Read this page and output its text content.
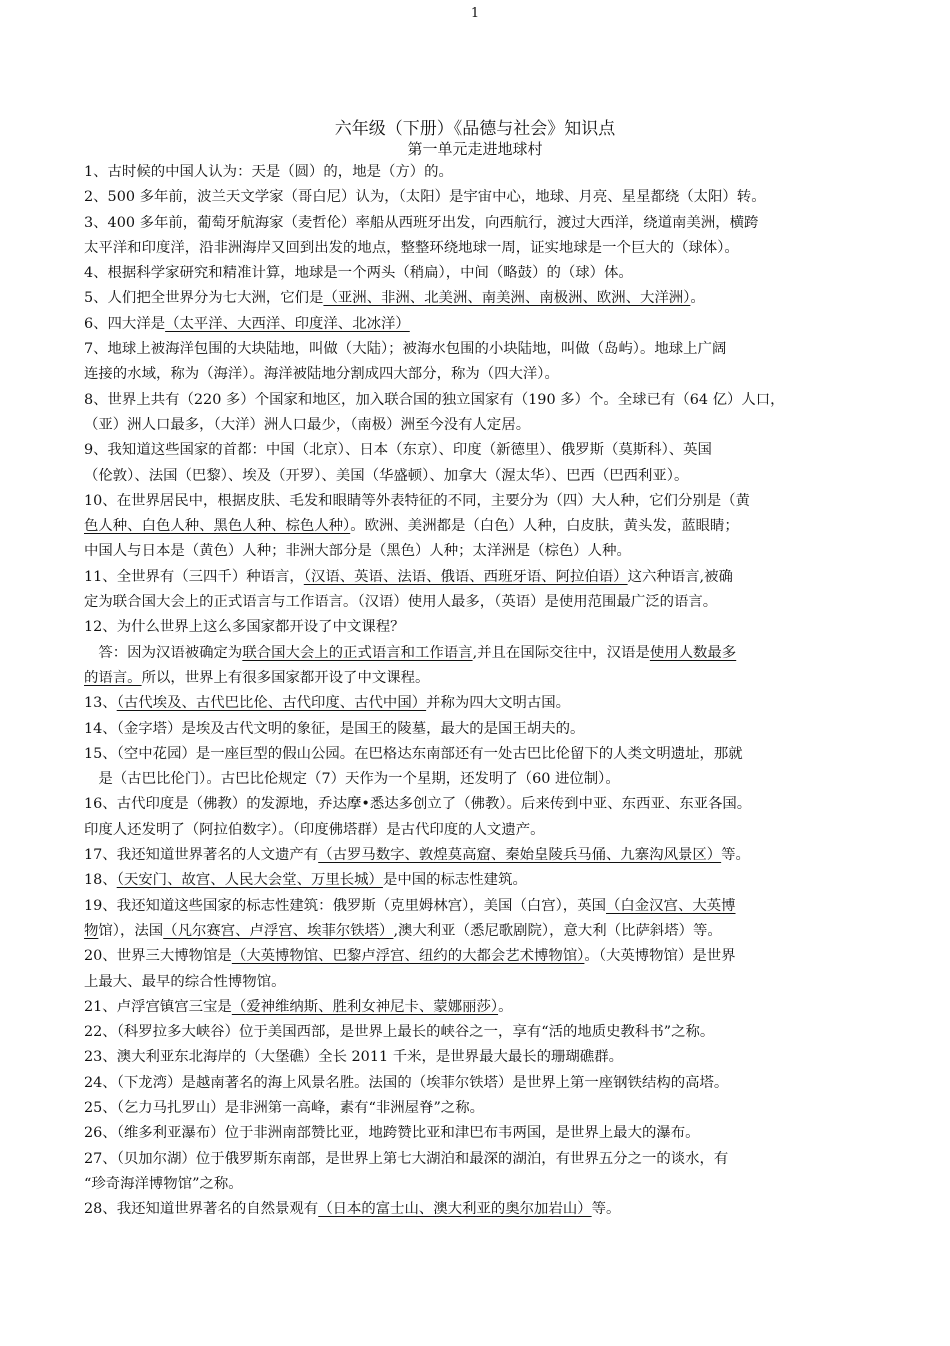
1
六年级（下册）《品德与社会》知识点
第一单元走进地球村
1、古时候的中国人认为：天是（圆）的，地是（方）的。
2、500 多年前，波兰天文学家（哥白尼）认为，（太阳）是宇宙中心，地球、月亮、星星都绕（太阳）转。
3、400 多年前，葡萄牙航海家（麦哲伦）率船从西班牙出发，向西航行，渡过大西洋，绕道南美洲，横跨
太平洋和印度洋，沿非洲海岸又回到出发的地点，整整环绕地球一周，证实地球是一个巨大的（球体）。
4、根据科学家研究和精准计算，地球是一个两头（稍扁），中间（略鼓）的（球）体。
5、人们把全世界分为七大洲，它们是（亚洲、非洲、北美洲、南美洲、南极洲、欧洲、大洋洲）。
6、四大洋是（太平洋、大西洋、印度洋、北冰洋）
7、地球上被海洋包围的大块陆地，叫做（大陆）；被海水包围的小块陆地，叫做（岛屿）。地球上广阔
连接的水域，称为（海洋）。海洋被陆地分割成四大部分，称为（四大洋）。
8、世界上共有（220 多）个国家和地区，加入联合国的独立国家有（190 多）个。全球已有（64 亿）人口，
（亚）洲人口最多，（大洋）洲人口最少，（南极）洲至今没有人定居。
9、我知道这些国家的首都：中国（北京）、日本（东京）、印度（新德里）、俄罗斯（莫斯科）、英国
（伦敦）、法国（巴黎）、埃及（开罗）、美国（华盛顿）、加拿大（渥太华）、巴西（巴西利亚）。
10、在世界居民中，根据皮肤、毛发和眼睛等外表特征的不同，主要分为（四）大人种，它们分别是（黄
色人种、白色人种、黑色人种、棕色人种）。欧洲、美洲都是（白色）人种，白皮肤，黄头发，蓝眼睛；
中国人与日本是（黄色）人种；非洲大部分是（黑色）人种；太洋洲是（棕色）人种。
11、全世界有（三四千）种语言，（汉语、英语、法语、俄语、西班牙语、阿拉伯语）这六种语言,被确
定为联合国大会上的正式语言与工作语言。（汉语）使用人最多，（英语）是使用范围最广泛的语言。
12、为什么世界上这么多国家都开设了中文课程？
　答：因为汉语被确定为联合国大会上的正式语言和工作语言,并且在国际交往中，汉语是使用人数最多
的语言。所以，世界上有很多国家都开设了中文课程。
13、（古代埃及、古代巴比伦、古代印度、古代中国）并称为四大文明古国。
14、（金字塔）是埃及古代文明的象征，是国王的陵墓，最大的是国王胡夫的。
15、（空中花园）是一座巨型的假山公园。在巴格达东南部还有一处古巴比伦留下的人类文明遗址，那就
　是（古巴比伦门）。古巴比伦规定（7）天作为一个星期，还发明了（60 进位制）。
16、古代印度是（佛教）的发源地，乔达摩•悉达多创立了（佛教）。后来传到中亚、东西亚、东亚各国。
印度人还发明了（阿拉伯数字）。（印度佛塔群）是古代印度的人文遗产。
17、我还知道世界著名的人文遗产有（古罗马数字、敦煌莫高窟、秦始皇陵兵马俑、九寨沟风景区）等。
18、（天安门、故宫、人民大会堂、万里长城）是中国的标志性建筑。
19、我还知道这些国家的标志性建筑：俄罗斯（克里姆林宫），美国（白宫），英国（白金汉宫、大英博
物馆），法国（凡尔赛宫、卢浮宫、埃菲尔铁塔）,澳大利亚（悉尼歌剧院），意大利（比萨斜塔）等。
20、世界三大博物馆是（大英博物馆、巴黎卢浮宫、纽约的大都会艺术博物馆）。（大英博物馆）是世界
上最大、最早的综合性博物馆。
21、卢浮宫镇宫三宝是（爱神维纳斯、胜利女神尼卡、蒙娜丽莎）。
22、（科罗拉多大峡谷）位于美国西部，是世界上最长的峡谷之一，享有“活的地质史教科书”之称。
23、澳大利亚东北海岸的（大堡礁）全长 2011 千米，是世界最大最长的珊瑚礁群。
24、（下龙湾）是越南著名的海上风景名胜。法国的（埃菲尔铁塔）是世界上第一座钢铁结构的高塔。
25、（乞力马扎罗山）是非洲第一高峰，素有“非洲屋脊”之称。
26、（维多利亚瀑布）位于非洲南部赞比亚，地跨赞比亚和津巴布韦两国，是世界上最大的瀑布。
27、（贝加尔湖）位于俄罗斯东南部，是世界上第七大湖泊和最深的湖泊，有世界五分之一的谈水，有
“珍奇海洋博物馆”之称。
28、我还知道世界著名的自然景观有（日本的富士山、澳大利亚的奥尔加岩山）等。
